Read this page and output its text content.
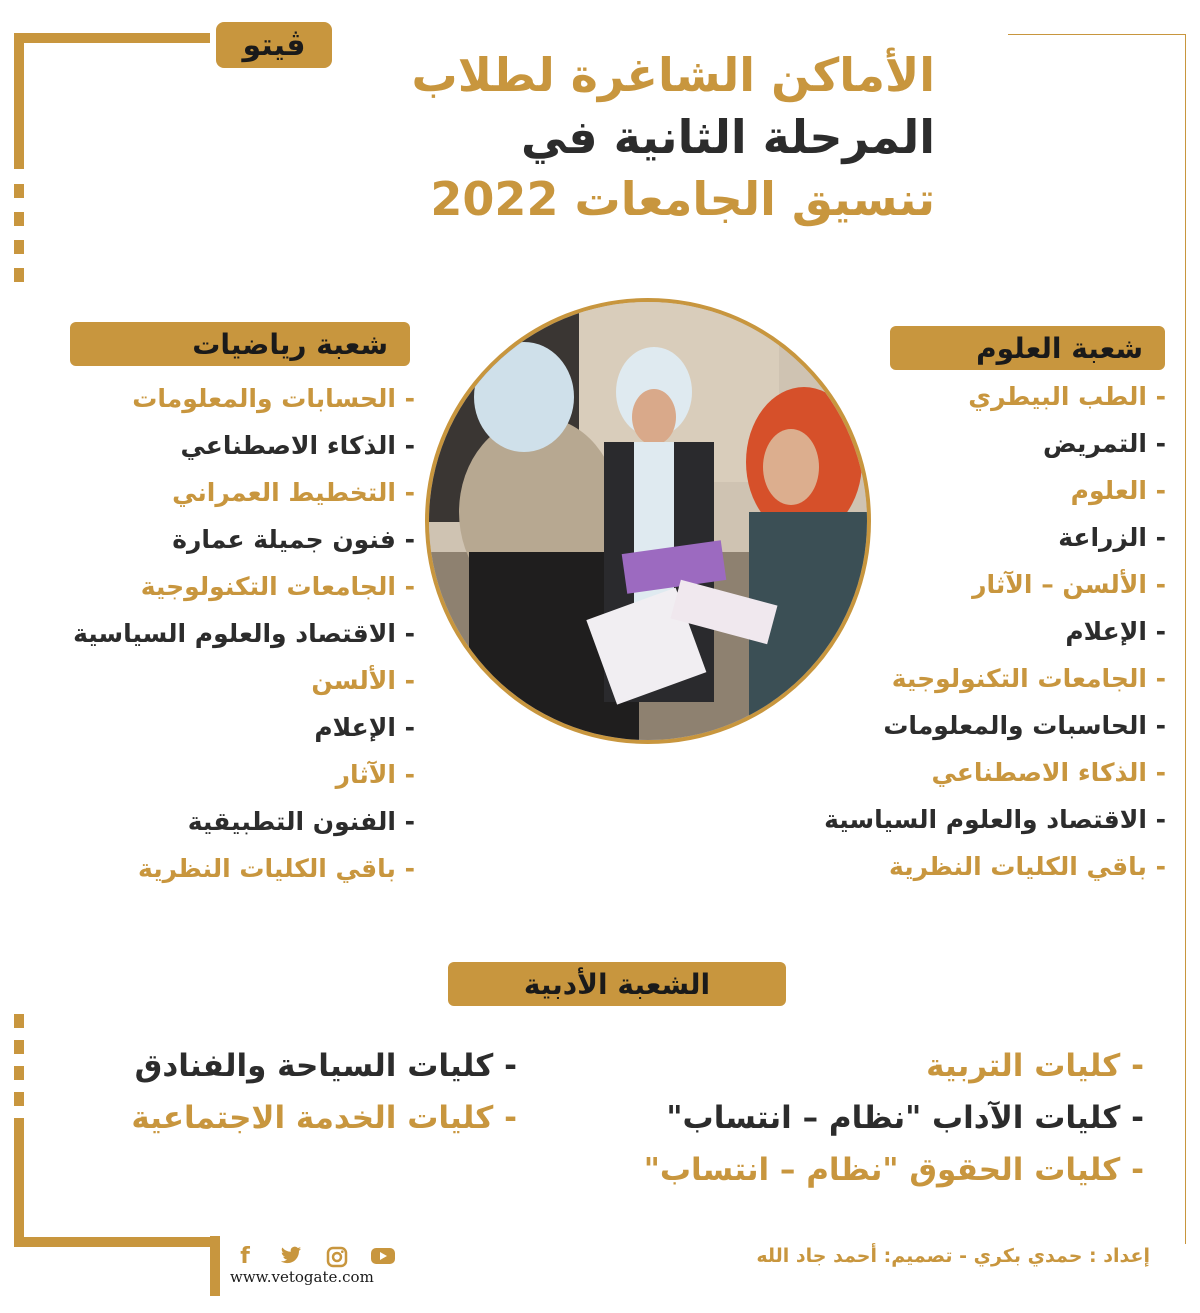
ڤيتو
الأماكن الشاغرة لطلاب
المرحلة الثانية في
تنسيق الجامعات 2022
شعبة العلوم
شعبة رياضيات
الشعبة الأدبية
- الطب البيطري
- التمريض
- العلوم
- الزراعة
- الألسن – الآثار
- الإعلام
- الجامعات التكنولوجية
- الحاسبات والمعلومات
- الذكاء الاصطناعي
- الاقتصاد والعلوم السياسية
- باقي الكليات النظرية
- الحسابات والمعلومات
- الذكاء الاصطناعي
- التخطيط العمراني
- فنون جميلة عمارة
- الجامعات التكنولوجية
- الاقتصاد والعلوم السياسية
- الألسن
- الإعلام
- الآثار
- الفنون التطبيقية
- باقي الكليات النظرية
- كليات التربية
- كليات الآداب "نظام – انتساب"
- كليات الحقوق "نظام – انتساب"
- كليات السياحة والفنادق
- كليات الخدمة الاجتماعية
f
www.vetogate.com
إعداد : حمدي بكري - تصميم: أحمد جاد الله
